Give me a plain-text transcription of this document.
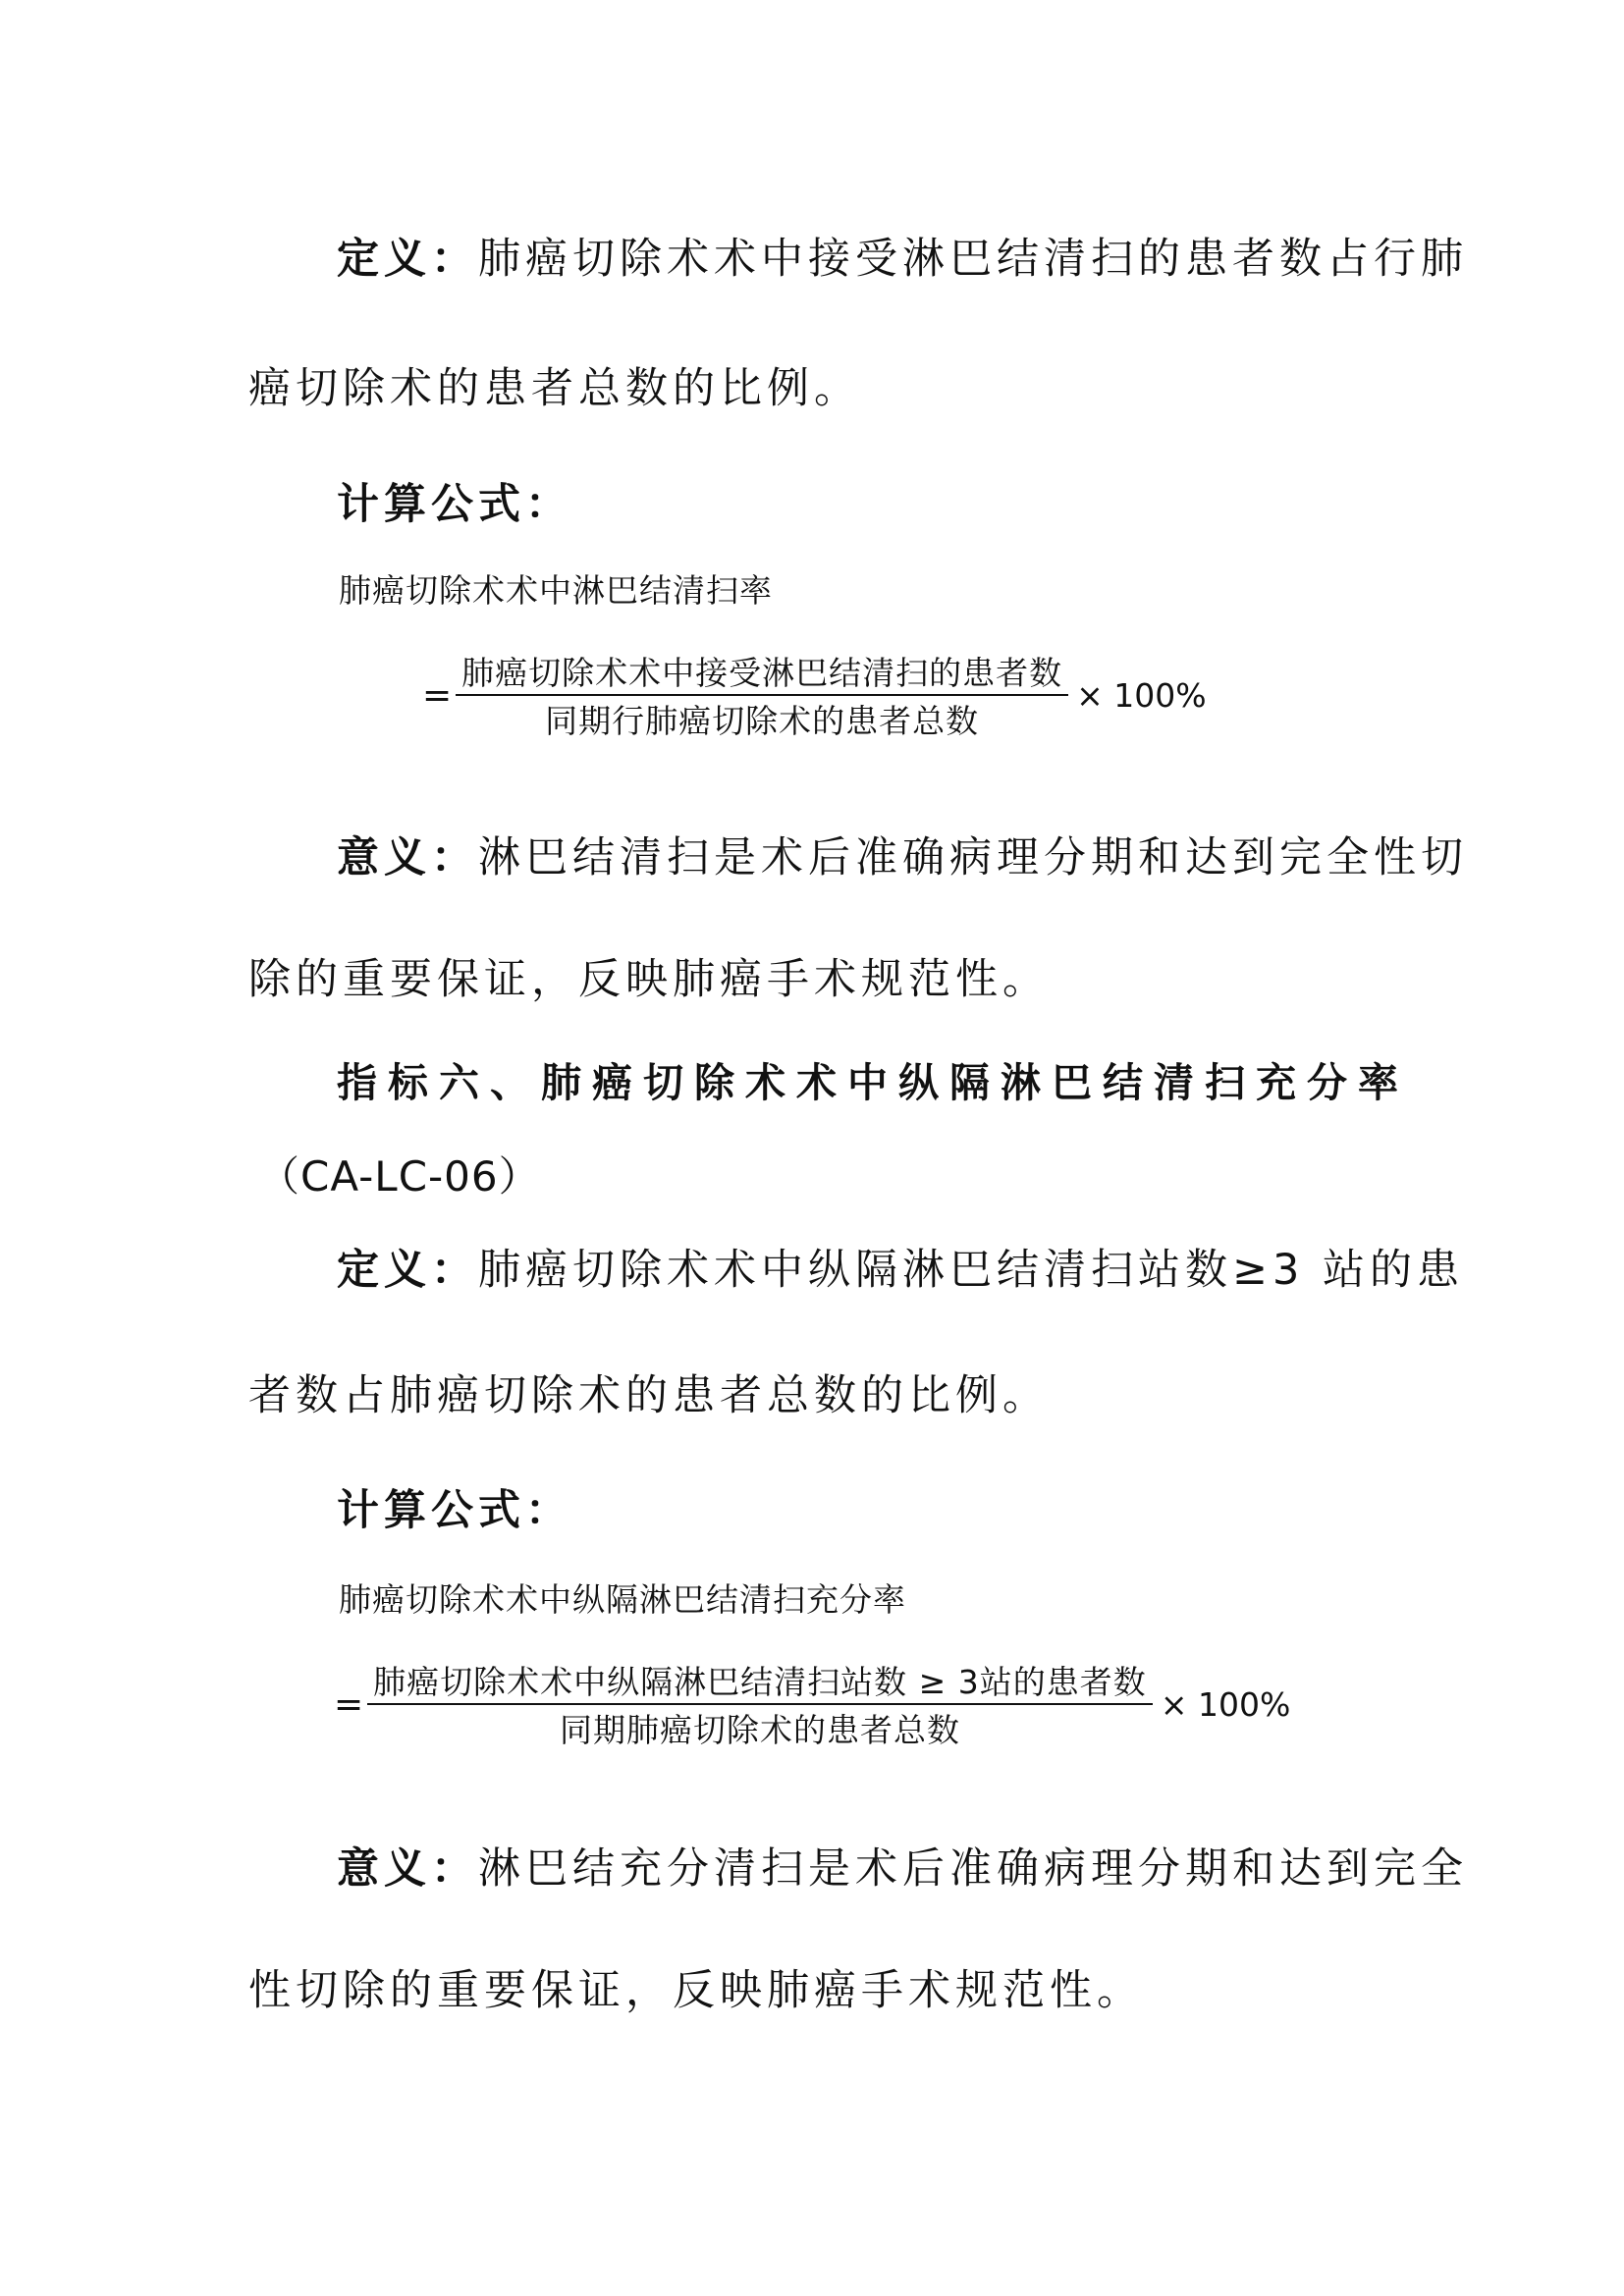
定义：肺癌切除术术中接受淋巴结清扫的患者数占行肺
癌切除术的患者总数的比例。
计算公式：
肺癌切除术术中淋巴结清扫率
= $\frac{\text{肺癌切除术术中接受淋巴结清扫的患者数}}{\text{同期行肺癌切除术的患者总数}} \times 100\%$
意义：淋巴结清扫是术后准确病理分期和达到完全性切
除的重要保证，反映肺癌手术规范性。
指标六、肺癌切除术术中纵隔淋巴结清扫充分率
（CA-LC-06）
定义：肺癌切除术术中纵隔淋巴结清扫站数≥3 站的患
者数占肺癌切除术的患者总数的比例。
计算公式：
肺癌切除术术中纵隔淋巴结清扫充分率
= $\frac{\text{肺癌切除术术中纵隔淋巴结清扫站数 ≥ 3站的患者数}}{\text{同期肺癌切除术的患者总数}} \times 100\%$
意义：淋巴结充分清扫是术后准确病理分期和达到完全
性切除的重要保证，反映肺癌手术规范性。
